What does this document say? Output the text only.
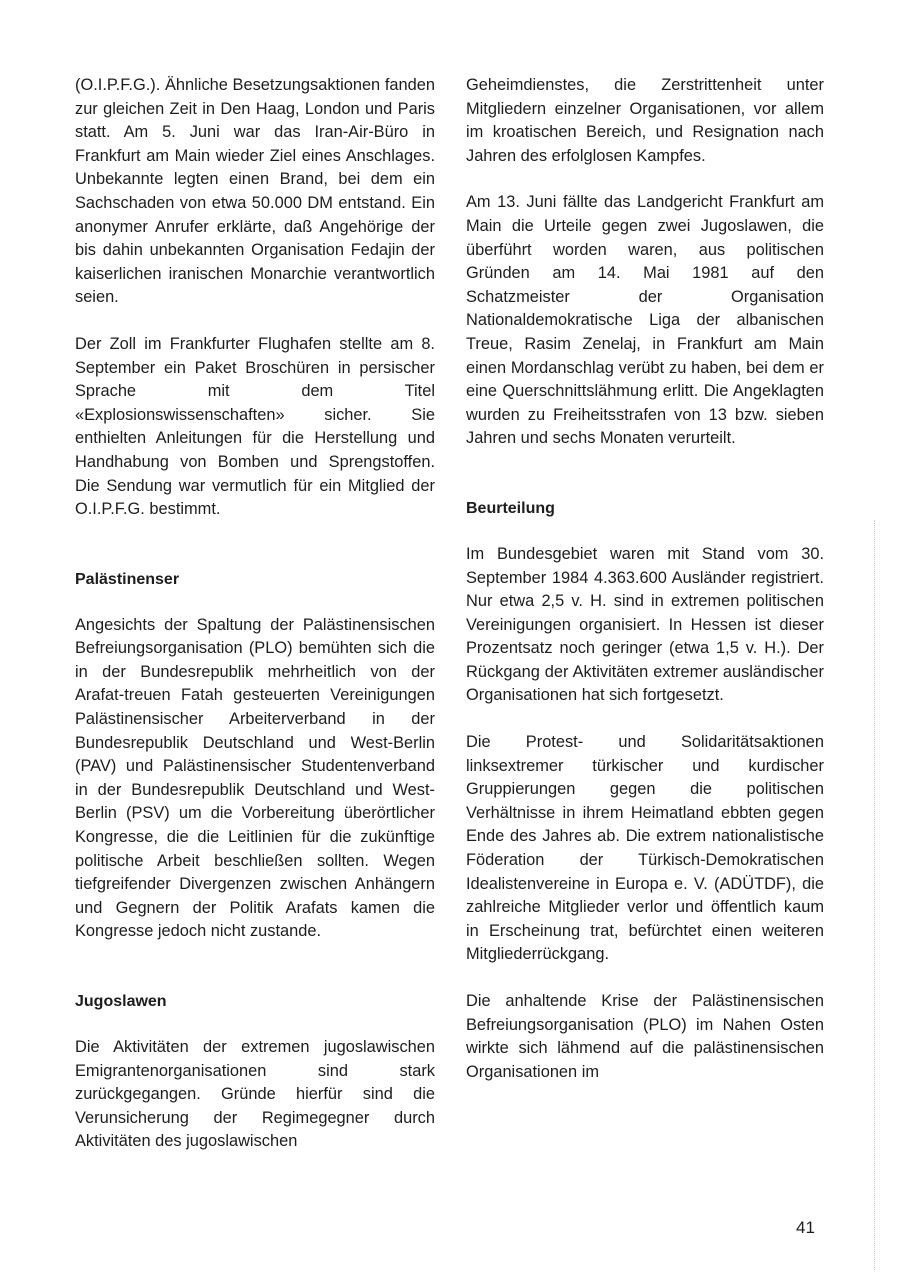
(O.I.P.F.G.). Ähnliche Besetzungsaktionen fanden zur gleichen Zeit in Den Haag, London und Paris statt. Am 5. Juni war das Iran-Air-Büro in Frankfurt am Main wieder Ziel eines Anschlages. Unbekannte legten einen Brand, bei dem ein Sachschaden von etwa 50.000 DM entstand. Ein anonymer Anrufer erklärte, daß Angehörige der bis dahin unbekannten Organisation Fedajin der kaiserlichen iranischen Monarchie verantwortlich seien.

Der Zoll im Frankfurter Flughafen stellte am 8. September ein Paket Broschüren in persischer Sprache mit dem Titel «Explosionswissenschaften» sicher. Sie enthielten Anleitungen für die Herstellung und Handhabung von Bomben und Sprengstoffen. Die Sendung war vermutlich für ein Mitglied der O.I.P.F.G. bestimmt.

Palästinenser

Angesichts der Spaltung der Palästinensischen Befreiungsorganisation (PLO) bemühten sich die in der Bundesrepublik mehrheitlich von der Arafat-treuen Fatah gesteuerten Vereinigungen Palästinensischer Arbeiterverband in der Bundesrepublik Deutschland und West-Berlin (PAV) und Palästinensischer Studentenverband in der Bundesrepublik Deutschland und West-Berlin (PSV) um die Vorbereitung überörtlicher Kongresse, die die Leitlinien für die zukünftige politische Arbeit beschließen sollten. Wegen tiefgreifender Divergenzen zwischen Anhängern und Gegnern der Politik Arafats kamen die Kongresse jedoch nicht zustande.

Jugoslawen

Die Aktivitäten der extremen jugoslawischen Emigrantenorganisationen sind stark zurückgegangen. Gründe hierfür sind die Verunsicherung der Regimegegner durch Aktivitäten des jugoslawischen

Geheimdienstes, die Zerstrittenheit unter Mitgliedern einzelner Organisationen, vor allem im kroatischen Bereich, und Resignation nach Jahren des erfolglosen Kampfes.

Am 13. Juni fällte das Landgericht Frankfurt am Main die Urteile gegen zwei Jugoslawen, die überführt worden waren, aus politischen Gründen am 14. Mai 1981 auf den Schatzmeister der Organisation Nationaldemokratische Liga der albanischen Treue, Rasim Zenelaj, in Frankfurt am Main einen Mordanschlag verübt zu haben, bei dem er eine Querschnittslähmung erlitt. Die Angeklagten wurden zu Freiheitsstrafen von 13 bzw. sieben Jahren und sechs Monaten verurteilt.

Beurteilung

Im Bundesgebiet waren mit Stand vom 30. September 1984 4.363.600 Ausländer registriert. Nur etwa 2,5 v. H. sind in extremen politischen Vereinigungen organisiert. In Hessen ist dieser Prozentsatz noch geringer (etwa 1,5 v. H.). Der Rückgang der Aktivitäten extremer ausländischer Organisationen hat sich fortgesetzt.

Die Protest- und Solidaritätsaktionen linksextremer türkischer und kurdischer Gruppierungen gegen die politischen Verhältnisse in ihrem Heimatland ebbten gegen Ende des Jahres ab. Die extrem nationalistische Föderation der Türkisch-Demokratischen Idealistenvereine in Europa e. V. (ADÜTDF), die zahlreiche Mitglieder verlor und öffentlich kaum in Erscheinung trat, befürchtet einen weiteren Mitgliederrückgang.

Die anhaltende Krise der Palästinensischen Befreiungsorganisation (PLO) im Nahen Osten wirkte sich lähmend auf die palästinensischen Organisationen im

41
